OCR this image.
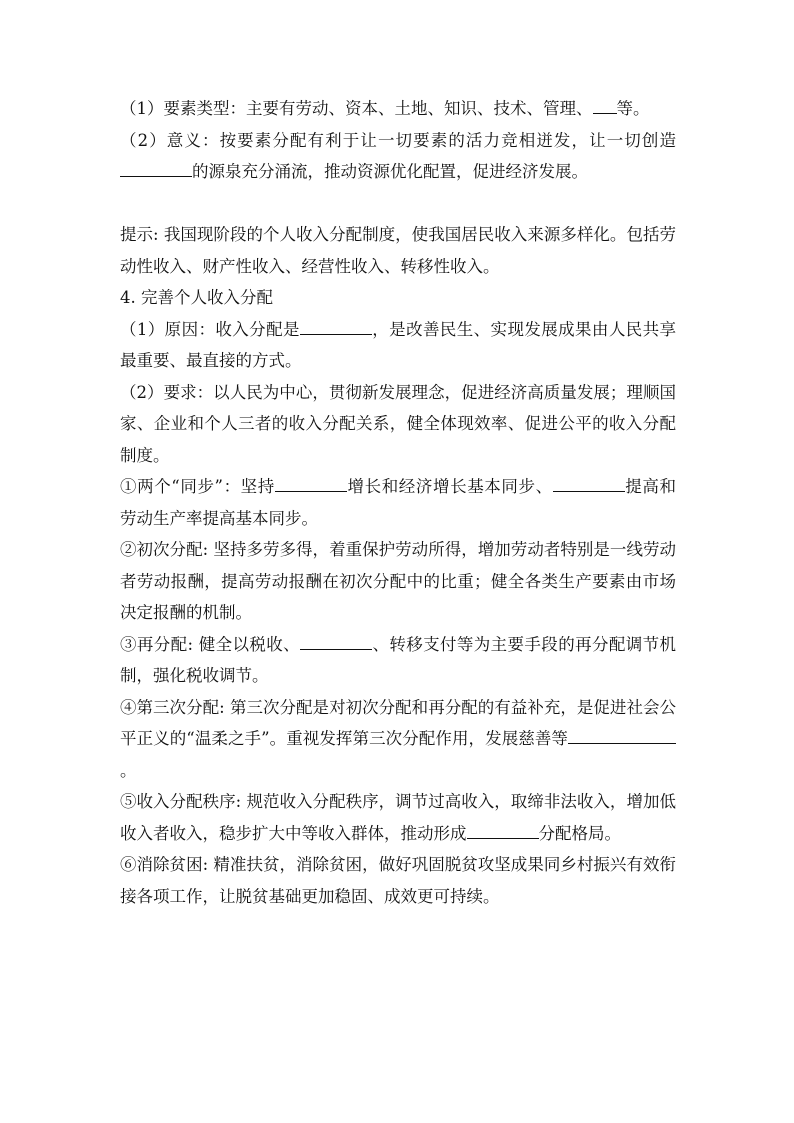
（1）要素类型：主要有劳动、资本、土地、知识、技术、管理、 等。

（2）意义：按要素分配有利于让一切要素的活力竞相迸发，让一切创造的源泉充分涌流，推动资源优化配置，促进经济发展。

提示: 我国现阶段的个人收入分配制度，使我国居民收入来源多样化。包括劳动性收入、财产性收入、经营性收入、转移性收入。

4. 完善个人收入分配

（1）原因：收入分配是	，是改善民生、实现发展成果由人民共享最重要、最直接的方式。

（2）要求：以人民为中心，贯彻新发展理念，促进经济高质量发展；理顺国家、企业和个人三者的收入分配关系，健全体现效率、促进公平的收入分配制度。

①两个“同步”：坚持	增长和经济增长基本同步、	提高和劳动生产率提高基本同步。

②初次分配: 坚持多劳多得，着重保护劳动所得，增加劳动者特别是一线劳动者劳动报酬，提高劳动报酬在初次分配中的比重；健全各类生产要素由市场决定报酬的机制。

③再分配: 健全以税收、	、转移支付等为主要手段的再分配调节机制，强化税收调节。

④第三次分配: 第三次分配是对初次分配和再分配的有益补充，是促进社会公平正义的“温柔之手”。重视发挥第三次分配作用，发展慈善等。

⑤收入分配秩序: 规范收入分配秩序，调节过高收入，取缔非法收入，增加低收入者收入，稳步扩大中等收入群体，推动形成	分配格局。

⑥消除贫困: 精准扶贫，消除贫困，做好巩固脱贫攻坚成果同乡村振兴有效衔接各项工作，让脱贫基础更加稳固、成效更可持续。
